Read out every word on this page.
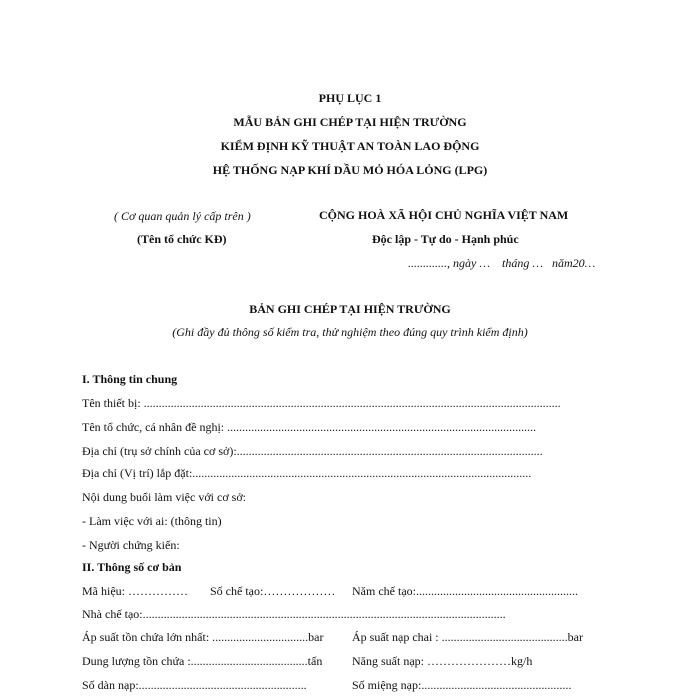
PHỤ LỤC 1
MẪU BẢN GHI CHÉP TẠI HIỆN TRƯỜNG
KIỂM ĐỊNH KỸ THUẬT AN TOÀN LAO ĐỘNG
HỆ THỐNG NẠP KHÍ DẦU MỎ HÓA LỎNG (LPG)
( Cơ quan quản lý cấp trên )
(Tên tổ chức KĐ)
CỘNG HOÀ XÃ HỘI CHỦ NGHĨA VIỆT NAM
Độc lập - Tự do - Hạnh phúc
............., ngày …    tháng …   năm20…
BẢN GHI CHÉP TẠI HIỆN TRƯỜNG
(Ghi đầy đủ thông số kiểm tra, thử nghiệm theo đúng quy trình kiểm định)
I. Thông tin chung
Tên thiết bị: ...........................................................................................................................................
Tên tổ chức, cá nhân đề nghị: .......................................................................................................
Địa chỉ (trụ sở chính của cơ sở):......................................................................................................
Địa chỉ (Vị trí) lắp đặt:.................................................................................................................
Nội dung buổi làm việc với cơ sở:
- Làm việc với ai: (thông tin)
- Người chứng kiến:
II. Thông số cơ bản
Mã hiệu: …………… Số chế tạo:……………… Năm chế tạo:......................................................
Nhà chế tạo:.........................................................................................................................
Áp suất tồn chứa lớn nhất: ................................bar Áp suất nạp chai : ..........................................bar
Dung lượng tồn chứa :.......................................tấn Năng suất nạp: …………………kg/h
Số dàn nạp:........................................................	Số miệng nạp:..................................................
